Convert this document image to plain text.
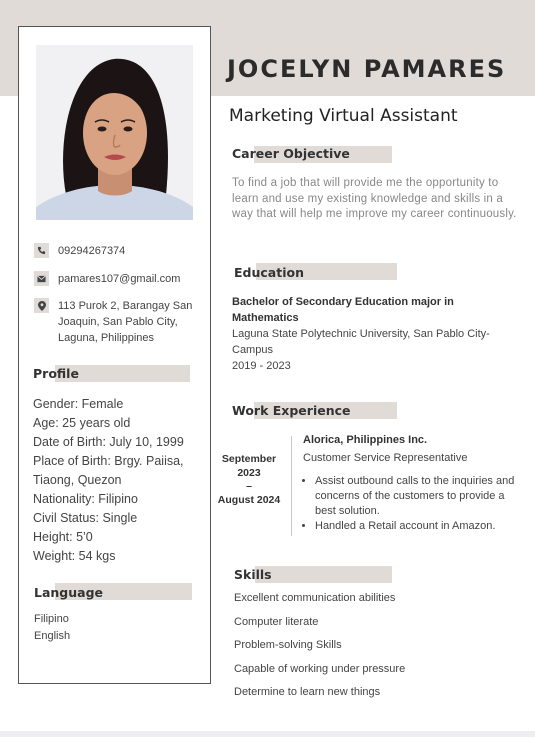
09294267374
pamares107@gmail.com
113 Purok 2, Barangay San Joaquin, San Pablo City, Laguna, Philippines
Profile
Gender: Female
Age: 25 years old
Date of Birth: July 10, 1999
Place of Birth: Brgy. Paiisa,
Tiaong, Quezon
Nationality: Filipino
Civil Status: Single
Height: 5’0
Weight: 54 kgs
Language
Filipino
English
JOCELYN PAMARES
Marketing Virtual Assistant
Career Objective
To find a job that will provide me the opportunity to learn and use my existing knowledge and skills in a way that will help me improve my career continuously.
Education
Bachelor of Secondary Education major in Mathematics
Laguna State Polytechnic University, San Pablo City-Campus
2019 - 2023
Work Experience
September 2023
–
August 2024
Alorica, Philippines Inc.
Customer Service Representative
• Assist outbound calls to the inquiries and concerns of the customers to provide a best solution.
• Handled a Retail account in Amazon.
Skills
Excellent communication abilities
Computer literate
Problem-solving Skills
Capable of working under pressure
Determine to learn new things
